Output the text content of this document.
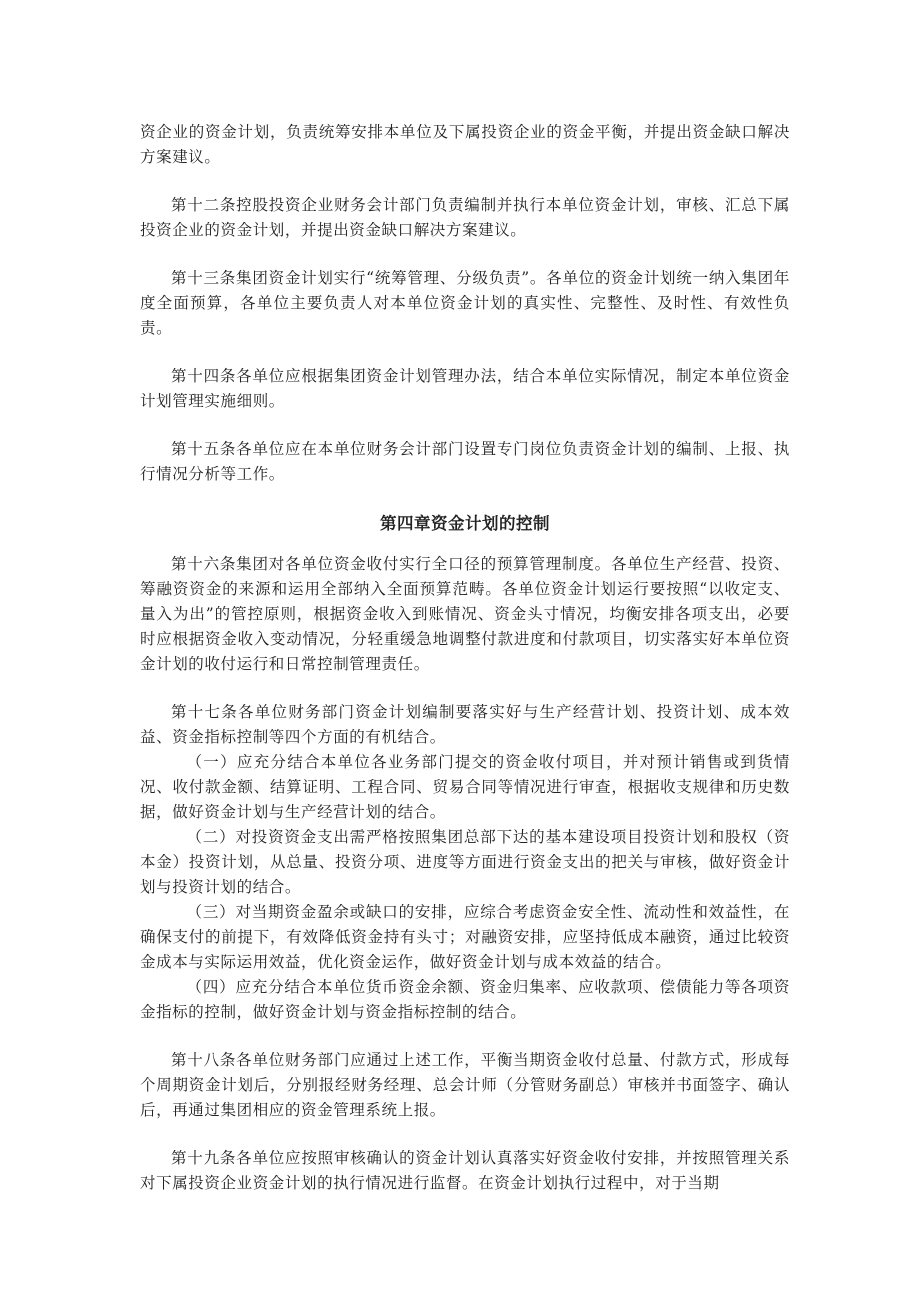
资企业的资金计划，负责统筹安排本单位及下属投资企业的资金平衡，并提出资金缺口解决方案建议。

第十二条控股投资企业财务会计部门负责编制并执行本单位资金计划，审核、汇总下属投资企业的资金计划，并提出资金缺口解决方案建议。

第十三条集团资金计划实行“统筹管理、分级负责”。各单位的资金计划统一纳入集团年度全面预算，各单位主要负责人对本单位资金计划的真实性、完整性、及时性、有效性负责。

第十四条各单位应根据集团资金计划管理办法，结合本单位实际情况，制定本单位资金计划管理实施细则。

第十五条各单位应在本单位财务会计部门设置专门岗位负责资金计划的编制、上报、执行情况分析等工作。

第四章资金计划的控制

第十六条集团对各单位资金收付实行全口径的预算管理制度。各单位生产经营、投资、筹融资资金的来源和运用全部纳入全面预算范畴。各单位资金计划运行要按照“以收定支、量入为出”的管控原则，根据资金收入到账情况、资金头寸情况，均衡安排各项支出，必要时应根据资金收入变动情况，分轻重缓急地调整付款进度和付款项目，切实落实好本单位资金计划的收付运行和日常控制管理责任。

第十七条各单位财务部门资金计划编制要落实好与生产经营计划、投资计划、成本效益、资金指标控制等四个方面的有机结合。

（一）应充分结合本单位各业务部门提交的资金收付项目，并对预计销售或到货情况、收付款金额、结算证明、工程合同、贸易合同等情况进行审查，根据收支规律和历史数据，做好资金计划与生产经营计划的结合。

（二）对投资资金支出需严格按照集团总部下达的基本建设项目投资计划和股权（资本金）投资计划，从总量、投资分项、进度等方面进行资金支出的把关与审核，做好资金计划与投资计划的结合。

（三）对当期资金盈余或缺口的安排，应综合考虑资金安全性、流动性和效益性，在确保支付的前提下，有效降低资金持有头寸；对融资安排，应坚持低成本融资，通过比较资金成本与实际运用效益，优化资金运作，做好资金计划与成本效益的结合。

（四）应充分结合本单位货币资金余额、资金归集率、应收款项、偿债能力等各项资金指标的控制，做好资金计划与资金指标控制的结合。

第十八条各单位财务部门应通过上述工作，平衡当期资金收付总量、付款方式，形成每个周期资金计划后，分别报经财务经理、总会计师（分管财务副总）审核并书面签字、确认后，再通过集团相应的资金管理系统上报。

第十九条各单位应按照审核确认的资金计划认真落实好资金收付安排，并按照管理关系对下属投资企业资金计划的执行情况进行监督。在资金计划执行过程中，对于当期
